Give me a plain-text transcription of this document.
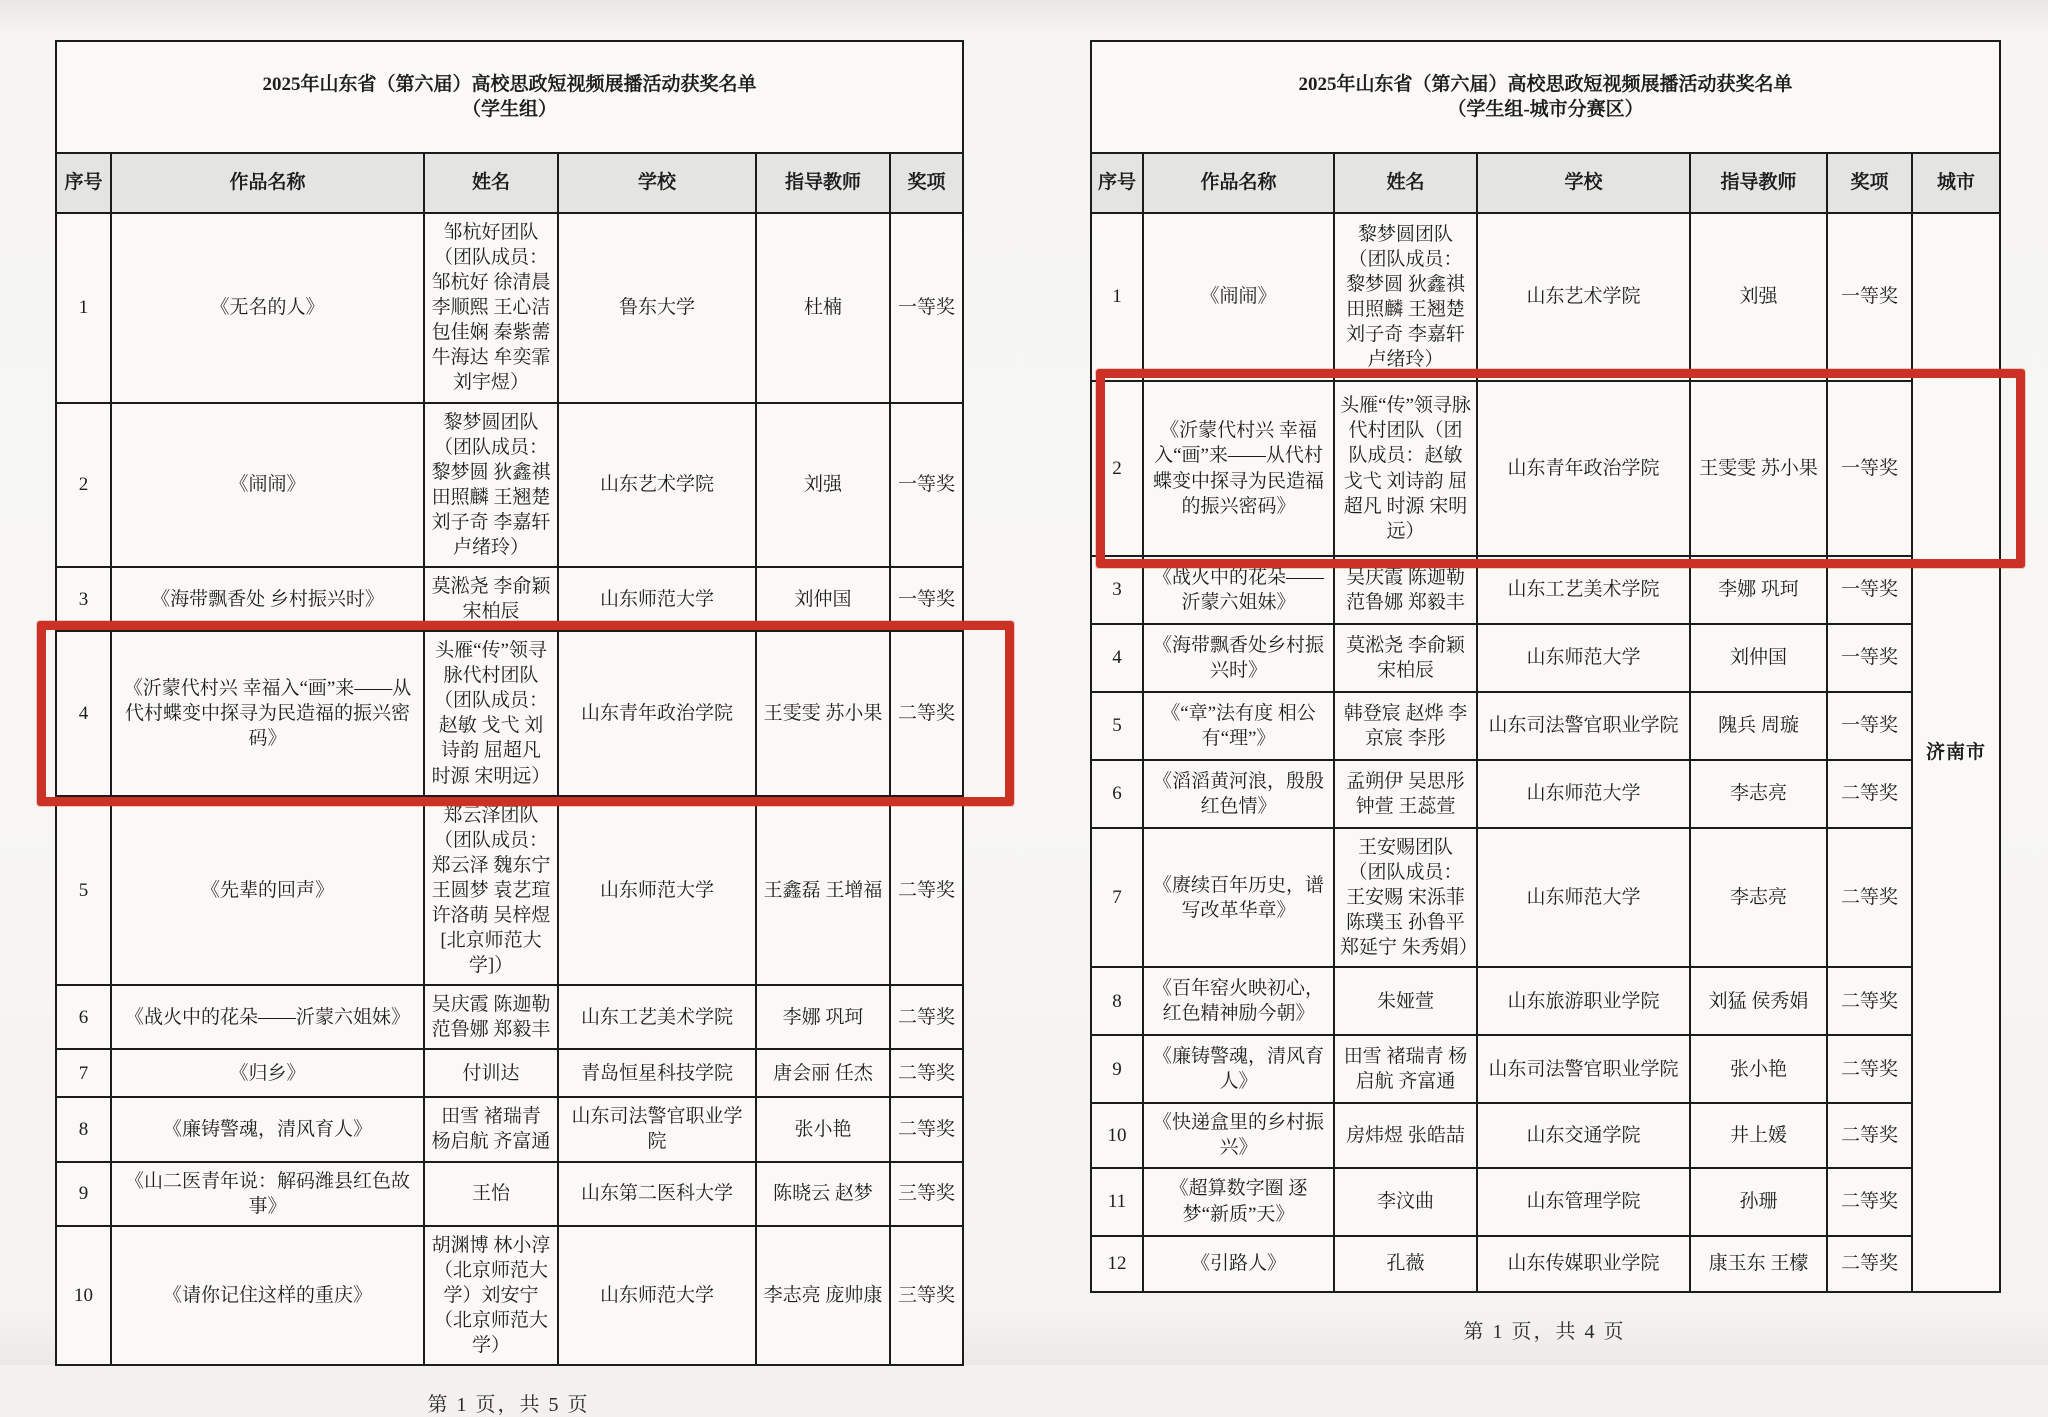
2025年山东省（第六届）高校思政短视频展播活动获奖名单
（学生组）					

序号	作品名称	姓名	学校	指导教师	奖项
1	《无名的人》	邹杭好团队（团队成员：邹杭好 徐清晨 李顺熙 王心洁 包佳娴 秦紫薷 牛海达 牟奕霏 刘宇煜）	鲁东大学	杜楠	一等奖
2	《闹闹》	黎梦圆团队（团队成员：黎梦圆 狄鑫祺 田照麟 王翘楚 刘子奇 李嘉轩 卢绪玲）	山东艺术学院	刘强	一等奖
3	《海带飘香处 乡村振兴时》	莫淞尧 李俞颖 宋柏辰	山东师范大学	刘仲国	一等奖
4	《沂蒙代村兴 幸福入“画”来——从代村蝶变中探寻为民造福的振兴密码》	头雁“传”领寻脉代村团队（团队成员：赵敏 戈弋 刘诗韵 屈超凡 时源 宋明远）	山东青年政治学院	王雯雯 苏小果	二等奖
5	《先辈的回声》	郑云泽团队（团队成员：郑云泽 魏东宁 王圆梦 袁艺瑄 许洛萌 吴梓煜[北京师范大学]）	山东师范大学	王鑫磊 王增福	二等奖
6	《战火中的花朵——沂蒙六姐妹》	吴庆霞 陈迦勒 范鲁娜 郑毅丰	山东工艺美术学院	李娜 巩珂	二等奖
7	《归乡》	付训达	青岛恒星科技学院	唐会丽 任杰	二等奖
8	《廉铸警魂，清风育人》	田雪 褚瑞青 杨启航 齐富通	山东司法警官职业学院	张小艳	二等奖
9	《山二医青年说：解码潍县红色故事》	王怡	山东第二医科大学	陈晓云 赵梦	三等奖
10	《请你记住这样的重庆》	胡渊博 林小淳（北京师范大学）刘安宁（北京师范大学）	山东师范大学	李志亮 庞帅康	三等奖
第 1 页，共 5 页
2025年山东省（第六届）高校思政短视频展播活动获奖名单
（学生组-城市分赛区）						

序号	作品名称	姓名	学校	指导教师	奖项	城市
1	《闹闹》	黎梦圆团队（团队成员：黎梦圆 狄鑫祺 田照麟 王翘楚 刘子奇 李嘉轩 卢绪玲）	山东艺术学院	刘强	一等奖	济南市
2	《沂蒙代村兴 幸福入“画”来——从代村蝶变中探寻为民造福的振兴密码》	头雁“传”领寻脉代村团队（团队成员：赵敏 戈弋 刘诗韵 屈超凡 时源 宋明远）	山东青年政治学院	王雯雯 苏小果	一等奖	
3	《战火中的花朵——沂蒙六姐妹》	吴庆霞 陈迦勒 范鲁娜 郑毅丰	山东工艺美术学院	李娜 巩珂	一等奖	
4	《海带飘香处乡村振兴时》	莫淞尧 李俞颖 宋柏辰	山东师范大学	刘仲国	一等奖	
5	《“章”法有度 相公有“理”》	韩登宸 赵烨 李京宸 李彤	山东司法警官职业学院	隗兵 周璇	一等奖	
6	《滔滔黄河浪，殷殷红色情》	孟朔伊 吴思彤 钟萱 王蕊萱	山东师范大学	李志亮	二等奖	
7	《赓续百年历史，谱写改革华章》	王安赐团队（团队成员：王安赐 宋泺菲 陈璞玉 孙鲁平 郑延宁 朱秀娟）	山东师范大学	李志亮	二等奖	
8	《百年窑火映初心，红色精神励今朝》	朱娅萱	山东旅游职业学院	刘猛 侯秀娟	二等奖	
9	《廉铸警魂，清风育人》	田雪 褚瑞青 杨启航 齐富通	山东司法警官职业学院	张小艳	二等奖	
10	《快递盒里的乡村振兴》	房炜煜 张皓喆	山东交通学院	井上媛	二等奖	
11	《超算数字圈 逐梦“新质”天》	李汶曲	山东管理学院	孙珊	二等奖	
12	《引路人》	孔薇	山东传媒职业学院	康玉东 王檬	二等奖	
第 1 页，共 4 页
